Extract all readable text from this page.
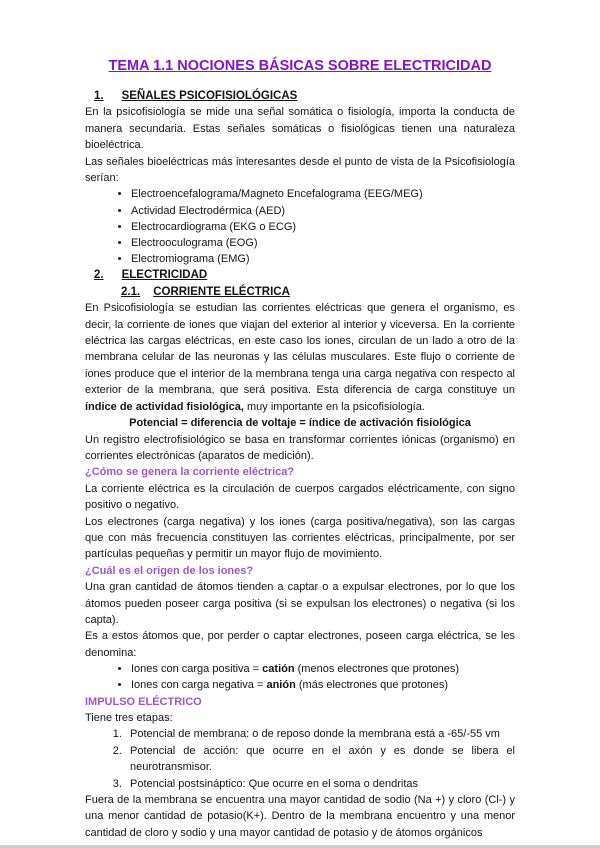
TEMA 1.1 NOCIONES BÁSICAS SOBRE ELECTRICIDAD

1. SEÑALES PSICOFISIOLÓGICAS

En la psicofisiología se mide una señal somática o fisiología, importa la conducta de manera secundaria. Estas señales somáticas o fisiológicas tienen una naturaleza bioeléctrica.

Las señales bioeléctricas más interesantes desde el punto de vista de la Psicofisiología serían:

• Electroencefalograma/Magneto Encefalograma (EEG/MEG)
• Actividad Electrodérmica (AED)
• Electrocardiograma (EKG o ECG)
• Electrooculograma (EOG)
• Electromiograma (EMG)

2. ELECTRICIDAD

2.1. CORRIENTE ELÉCTRICA

En Psicofisiología se estudian las corrientes eléctricas que genera el organismo, es decir, la corriente de iones que viajan del exterior al interior y viceversa. En la corriente eléctrica las cargas eléctricas, en este caso los iones, circulan de un lado a otro de la membrana celular de las neuronas y las células musculares. Este flujo o corriente de iones produce que el interior de la membrana tenga una carga negativa con respecto al exterior de la membrana, que será positiva. Esta diferencia de carga constituye un índice de actividad fisiológica, muy importante en la psicofisiología.

Potencial = diferencia de voltaje = índice de activación fisiológica

Un registro electrofisiológico se basa en transformar corrientes iónicas (organismo) en corrientes electrónicas (aparatos de medición).

¿Cómo se genera la corriente eléctrica?

La corriente eléctrica es la circulación de cuerpos cargados eléctricamente, con signo positivo o negativo.

Los electrones (carga negativa) y los iones (carga positiva/negativa), son las cargas que con más frecuencia constituyen las corrientes eléctricas, principalmente, por ser partículas pequeñas y permitir un mayor flujo de movimiento.

¿Cuál es el origen de los iones?

Una gran cantidad de átomos tienden a captar o a expulsar electrones, por lo que los átomos pueden poseer carga positiva (si se expulsan los electrones) o negativa (si los capta).

Es a estos átomos que, por perder o captar electrones, poseen carga eléctrica, se les denomina:

• Iones con carga positiva = catión (menos electrones que protones)
• Iones con carga negativa = anión (más electrones que protones)

IMPULSO ELÉCTRICO

Tiene tres etapas:

1. Potencial de membrana: o de reposo donde la membrana está a -65/-55 vm
2. Potencial de acción: que ocurre en el axón y es donde se libera el neurotransmisor.
3. Potencial postsináptico: Que ocurre en el soma o dendritas

Fuera de la membrana se encuentra una mayor cantidad de sodio (Na +) y cloro (Cl-) y una menor cantidad de potasio(K+). Dentro de la membrana encuentro y una menor cantidad de cloro y sodio y una mayor cantidad de potasio y de átomos orgánicos
